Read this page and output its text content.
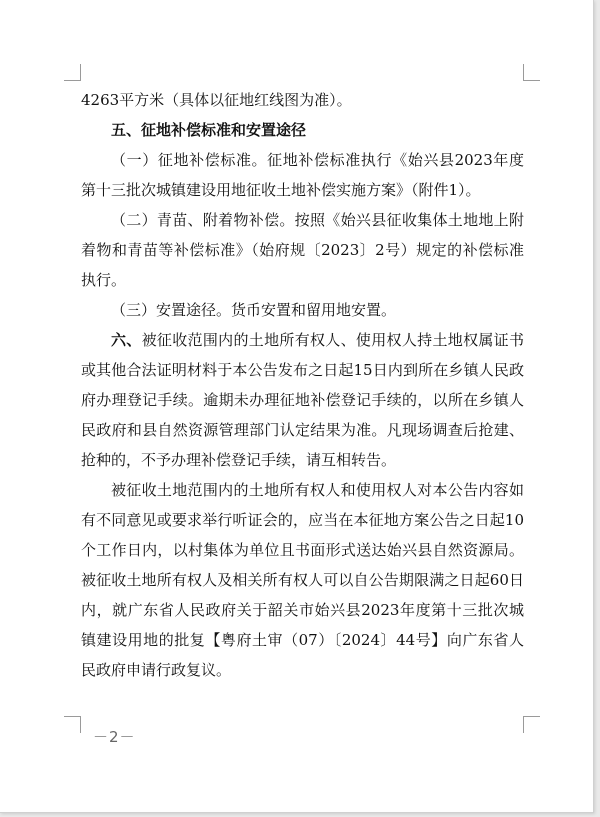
4263平方米（具体以征地红线图为准）。

五、征地补偿标准和安置途径

（一）征地补偿标准。征地补偿标准执行《始兴县2023年度第十三批次城镇建设用地征收土地补偿实施方案》（附件1）。

（二）青苗、附着物补偿。按照《始兴县征收集体土地地上附着物和青苗等补偿标准》（始府规〔2023〕2号）规定的补偿标准执行。

（三）安置途径。货币安置和留用地安置。

六、被征收范围内的土地所有权人、使用权人持土地权属证书或其他合法证明材料于本公告发布之日起15日内到所在乡镇人民政府办理登记手续。逾期未办理征地补偿登记手续的，以所在乡镇人民政府和县自然资源管理部门认定结果为准。凡现场调查后抢建、抢种的，不予办理补偿登记手续，请互相转告。

被征收土地范围内的土地所有权人和使用权人对本公告内容如有不同意见或要求举行听证会的，应当在本征地方案公告之日起10个工作日内，以村集体为单位且书面形式送达始兴县自然资源局。被征收土地所有权人及相关所有权人可以自公告期限满之日起60日内，就广东省人民政府关于韶关市始兴县2023年度第十三批次城镇建设用地的批复【粤府土审（07）〔2024〕44号】向广东省人民政府申请行政复议。

－2－
